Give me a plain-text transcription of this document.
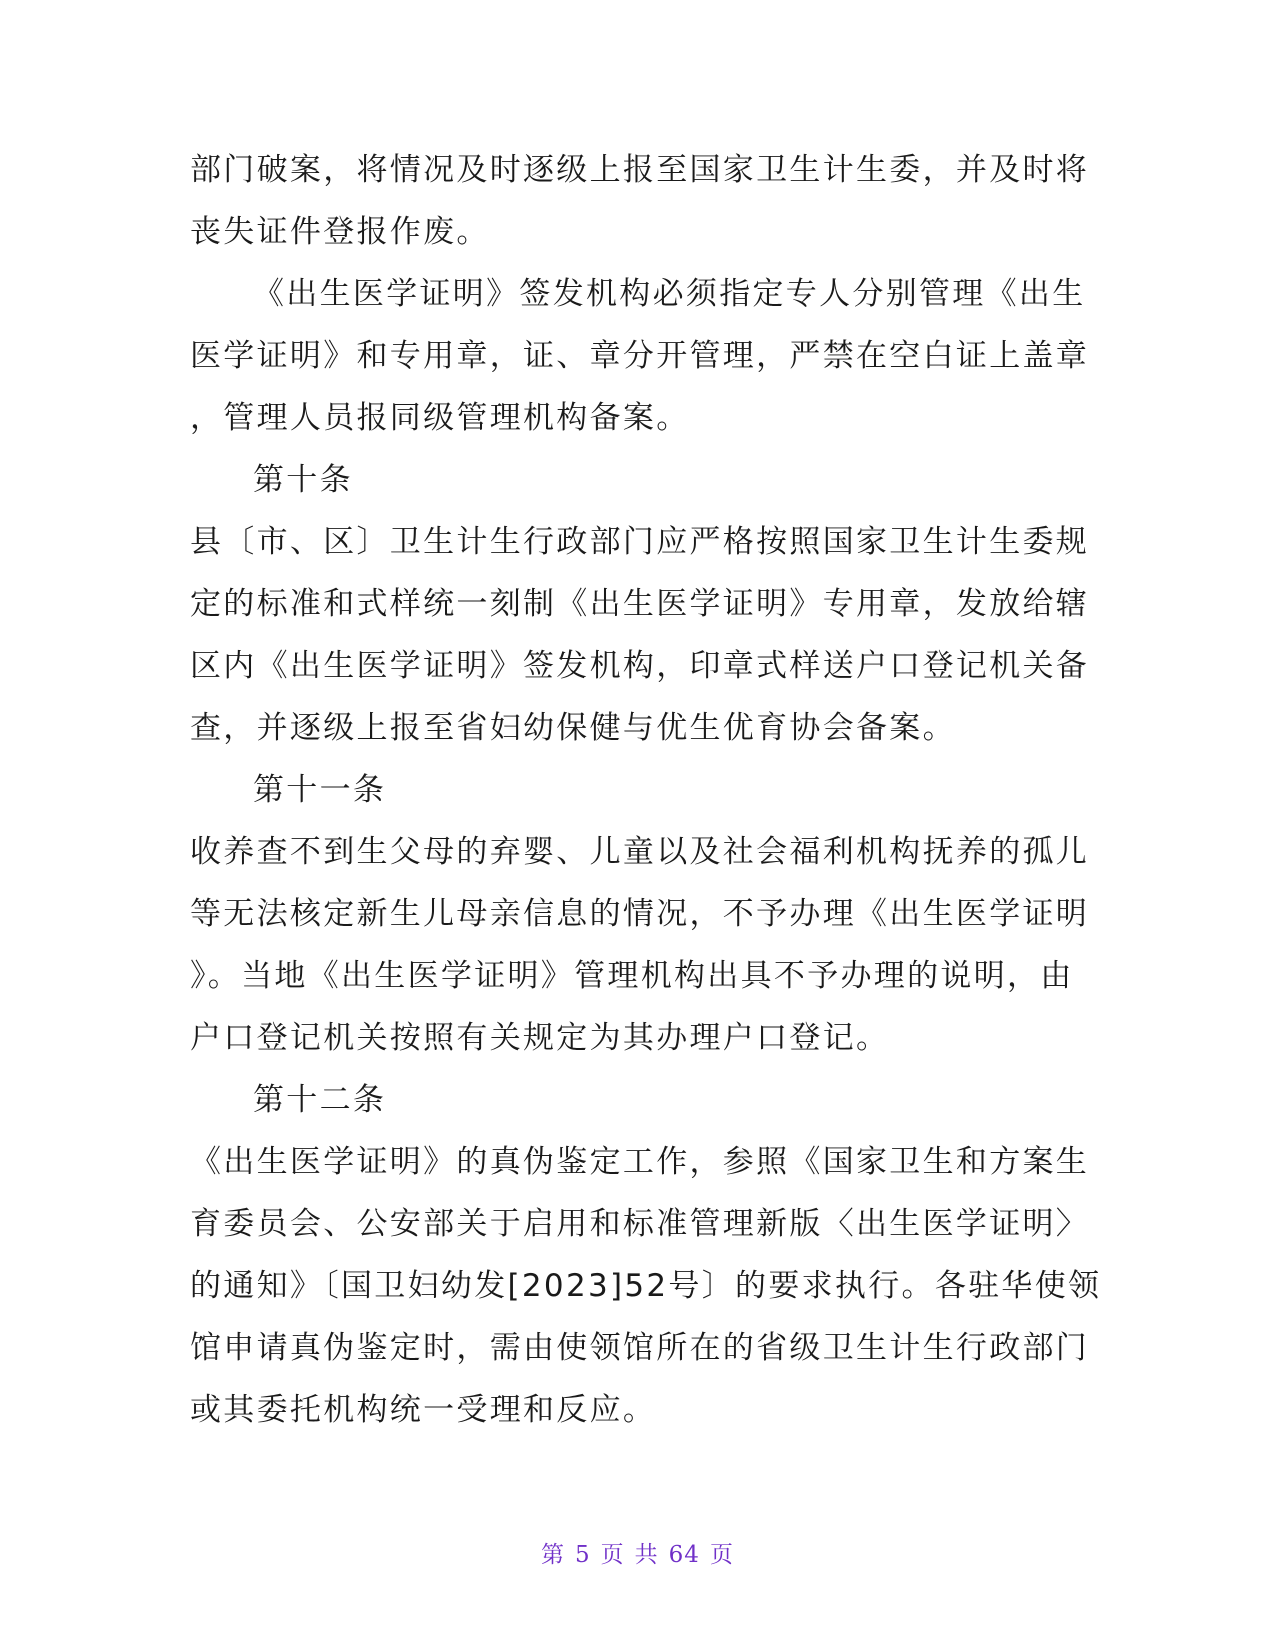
部门破案，将情况及时逐级上报至国家卫生计生委，并及时将
丧失证件登报作废。
《出生医学证明》签发机构必须指定专人分别管理《出生
医学证明》和专用章，证、章分开管理，严禁在空白证上盖章
，管理人员报同级管理机构备案。
第十条
县〔市、区〕卫生计生行政部门应严格按照国家卫生计生委规
定的标准和式样统一刻制《出生医学证明》专用章，发放给辖
区内《出生医学证明》签发机构，印章式样送户口登记机关备
查，并逐级上报至省妇幼保健与优生优育协会备案。
第十一条
收养查不到生父母的弃婴、儿童以及社会福利机构抚养的孤儿
等无法核定新生儿母亲信息的情况，不予办理《出生医学证明
》。当地《出生医学证明》管理机构出具不予办理的说明，由
户口登记机关按照有关规定为其办理户口登记。
第十二条
《出生医学证明》的真伪鉴定工作，参照《国家卫生和方案生
育委员会、公安部关于启用和标准管理新版〈出生医学证明〉
的通知》〔国卫妇幼发[2023]52号〕的要求执行。各驻华使领
馆申请真伪鉴定时，需由使领馆所在的省级卫生计生行政部门
或其委托机构统一受理和反应。
第 5 页 共 64 页
